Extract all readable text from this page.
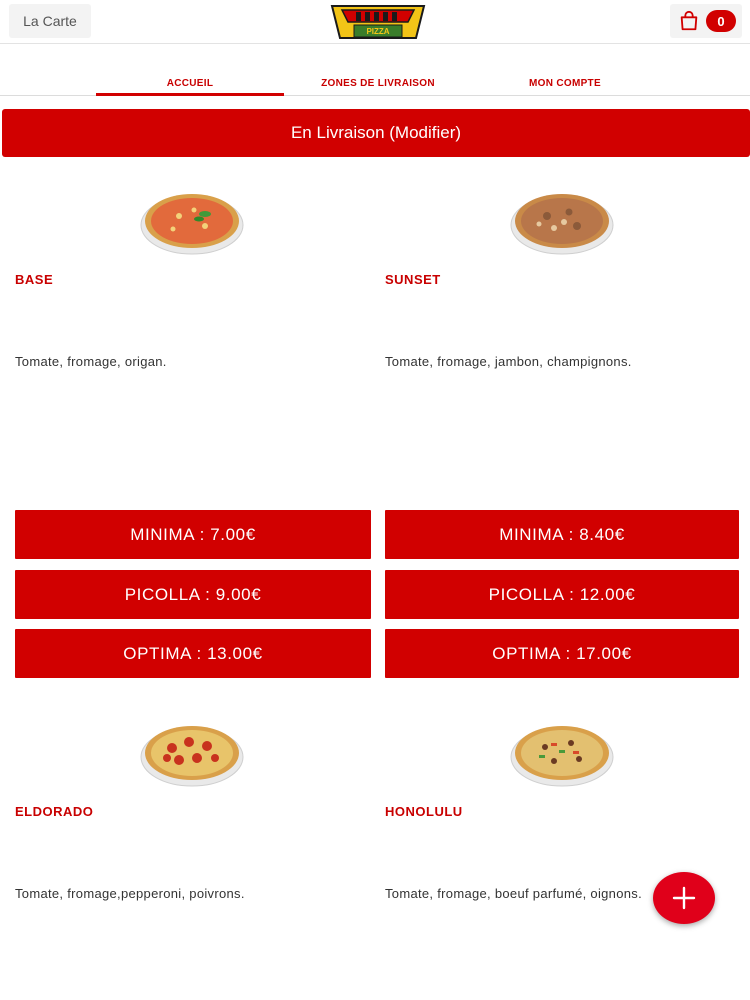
La Carte
PIZZA
0
ACCUEIL	ZONES DE LIVRAISON	MON COMPTE
En Livraison (Modifier)
BASE
Tomate, fromage, origan.
MINIMA : 7.00€
PICOLLA : 9.00€
OPTIMA : 13.00€
SUNSET
Tomate, fromage, jambon, champignons.
MINIMA : 8.40€
PICOLLA : 12.00€
OPTIMA : 17.00€
ELDORADO
Tomate, fromage,pepperoni, poivrons.
HONOLULU
Tomate, fromage, boeuf parfumé, oignons.
